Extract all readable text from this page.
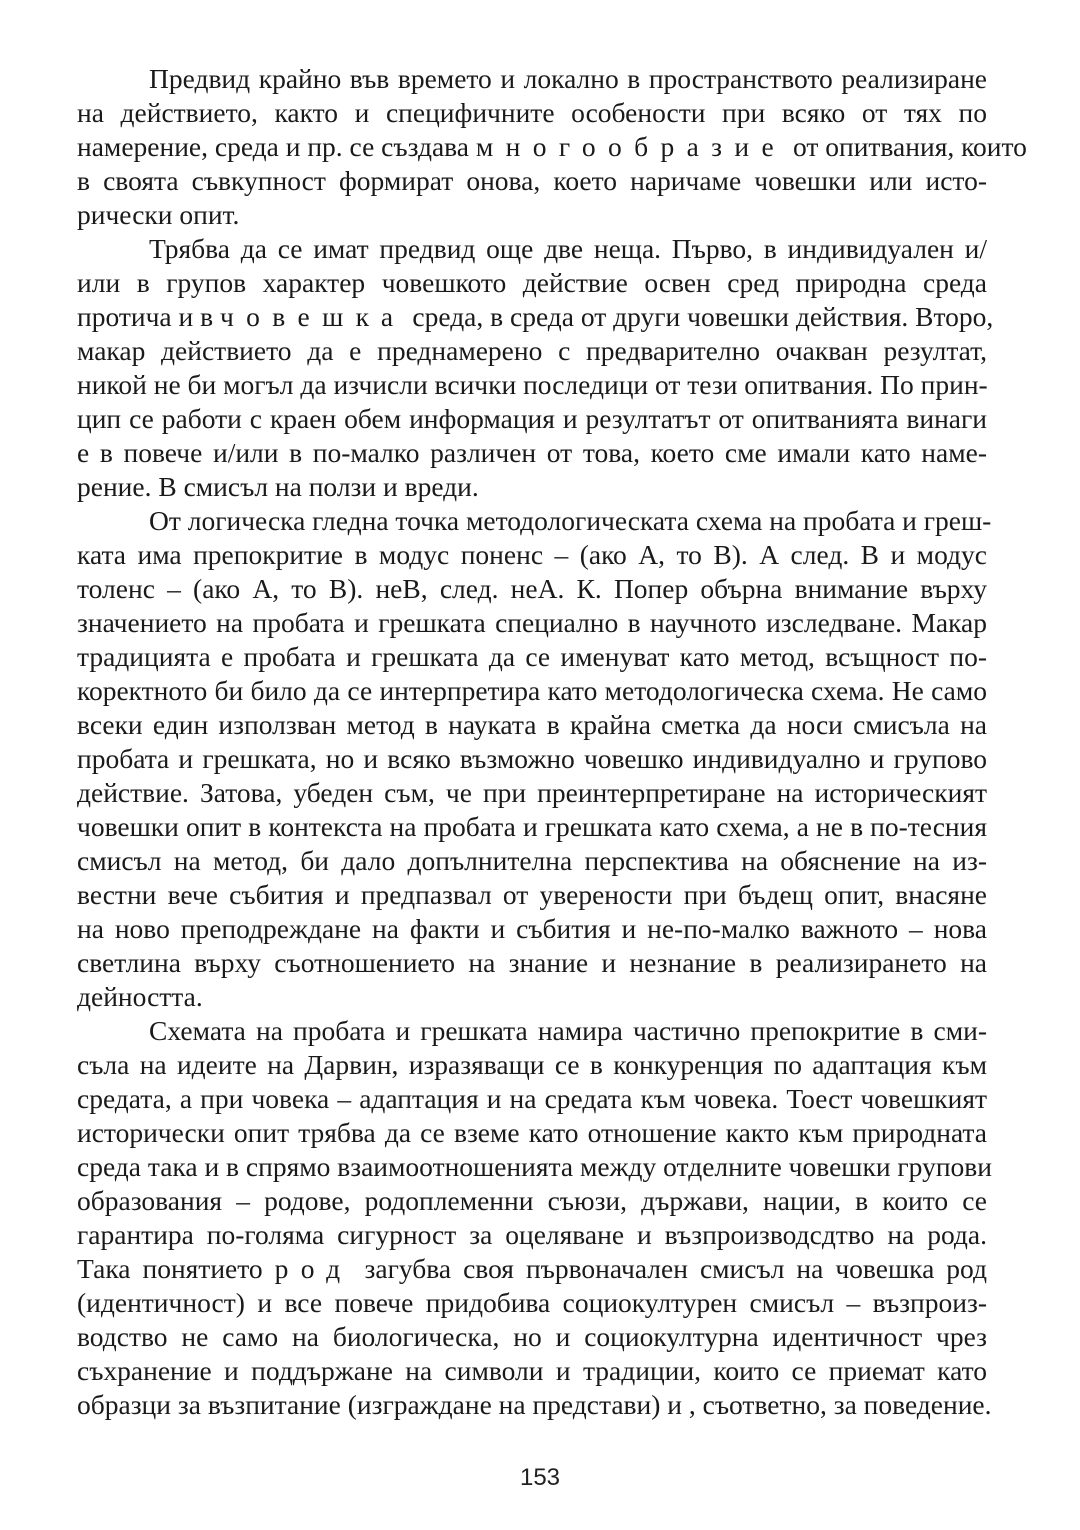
Предвид крайно във времето и локално в пространството реализиране
на действието, както и специфичните особености при всяко от тях по
намерение, среда и пр. се създава многообразие от опитвания, които
в своята съвкупност формират онова, което наричаме човешки или исто-
рически опит.
Трябва да се имат предвид още две неща. Първо, в индивидуален и/
или в групов характер човешкото действие освен сред природна среда
протича и в човешка среда, в среда от други човешки действия. Второ,
макар действието да е преднамерено с предварително очакван резултат,
никой не би могъл да изчисли всички последици от тези опитвания. По прин-
цип се работи с краен обем информация и резултатът от опитванията винаги
е в повече и/или в по-малко различен от това, което сме имали като наме-
рение. В смисъл на ползи и вреди.
От логическа гледна точка методологическата схема на пробата и греш-
ката има препокритие в модус поненс – (ако А, то В). А след. В и модус
толенс – (ако А, то В). неВ, след. неА. К. Попер обърна внимание върху
значението на пробата и грешката специално в научното изследване. Макар
традицията е пробата и грешката да се именуват като метод, всъщност по-
коректното би било да се интерпретира като методологическа схема. Не само
всеки един използван метод в науката в крайна сметка да носи смисъла на
пробата и грешката, но и всяко възможно човешко индивидуално и групово
действие. Затова, убеден съм, че при преинтерпретиране на историческият
човешки опит в контекста на пробата и грешката като схема, а не в по-тесния
смисъл на метод, би дало допълнителна перспектива на обяснение на из-
вестни вече събития и предпазвал от уверености при бъдещ опит, внасяне
на ново преподреждане на факти и събития и не-по-малко важното – нова
светлина върху съотношението на знание и незнание в реализирането на
дейността.
Схемата на пробата и грешката намира частично препокритие в сми-
съла на идеите на Дарвин, изразяващи се в конкуренция по адаптация към
средата, а при човека – адаптация и на средата към човека. Тоест човешкият
исторически опит трябва да се вземе като отношение както към природната
среда така и в спрямо взаимоотношенията между отделните човешки групови
образования – родове, родоплеменни съюзи, държави, нации, в които се
гарантира по-голяма сигурност за оцеляване и възпроизводсдтво на рода.
Така понятието род загубва своя първоначален смисъл на човешка род
(идентичност) и все повече придобива социокултурен смисъл – възпроиз-
водство не само на биологическа, но и социокултурна идентичност чрез
съхранение и поддържане на символи и традиции, които се приемат като
образци за възпитание (изграждане на представи) и , съответно, за поведение.
153
